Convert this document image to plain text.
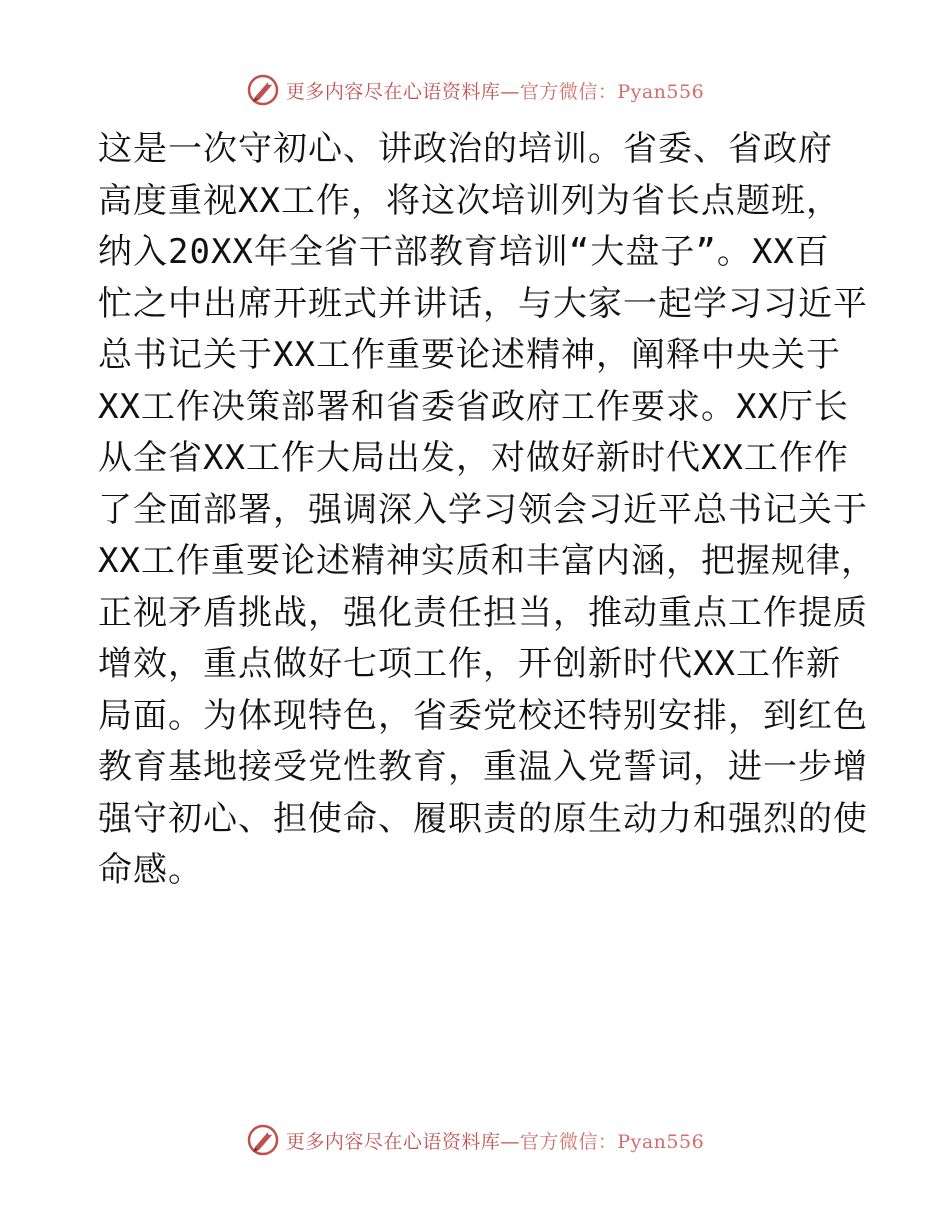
更多内容尽在心语资料库—官方微信：Pyan556
这是一次守初心、讲政治的培训。省委、省政府
高度重视XX工作，将这次培训列为省长点题班，
纳入20XX年全省干部教育培训“大盘子”。XX百
忙之中出席开班式并讲话，与大家一起学习习近平
总书记关于XX工作重要论述精神，阐释中央关于
XX工作决策部署和省委省政府工作要求。XX厅长
从全省XX工作大局出发，对做好新时代XX工作作
了全面部署，强调深入学习领会习近平总书记关于
XX工作重要论述精神实质和丰富内涵，把握规律，
正视矛盾挑战，强化责任担当，推动重点工作提质
增效，重点做好七项工作，开创新时代XX工作新
局面。为体现特色，省委党校还特别安排，到红色
教育基地接受党性教育，重温入党誓词，进一步增
强守初心、担使命、履职责的原生动力和强烈的使
命感。
更多内容尽在心语资料库—官方微信：Pyan556
